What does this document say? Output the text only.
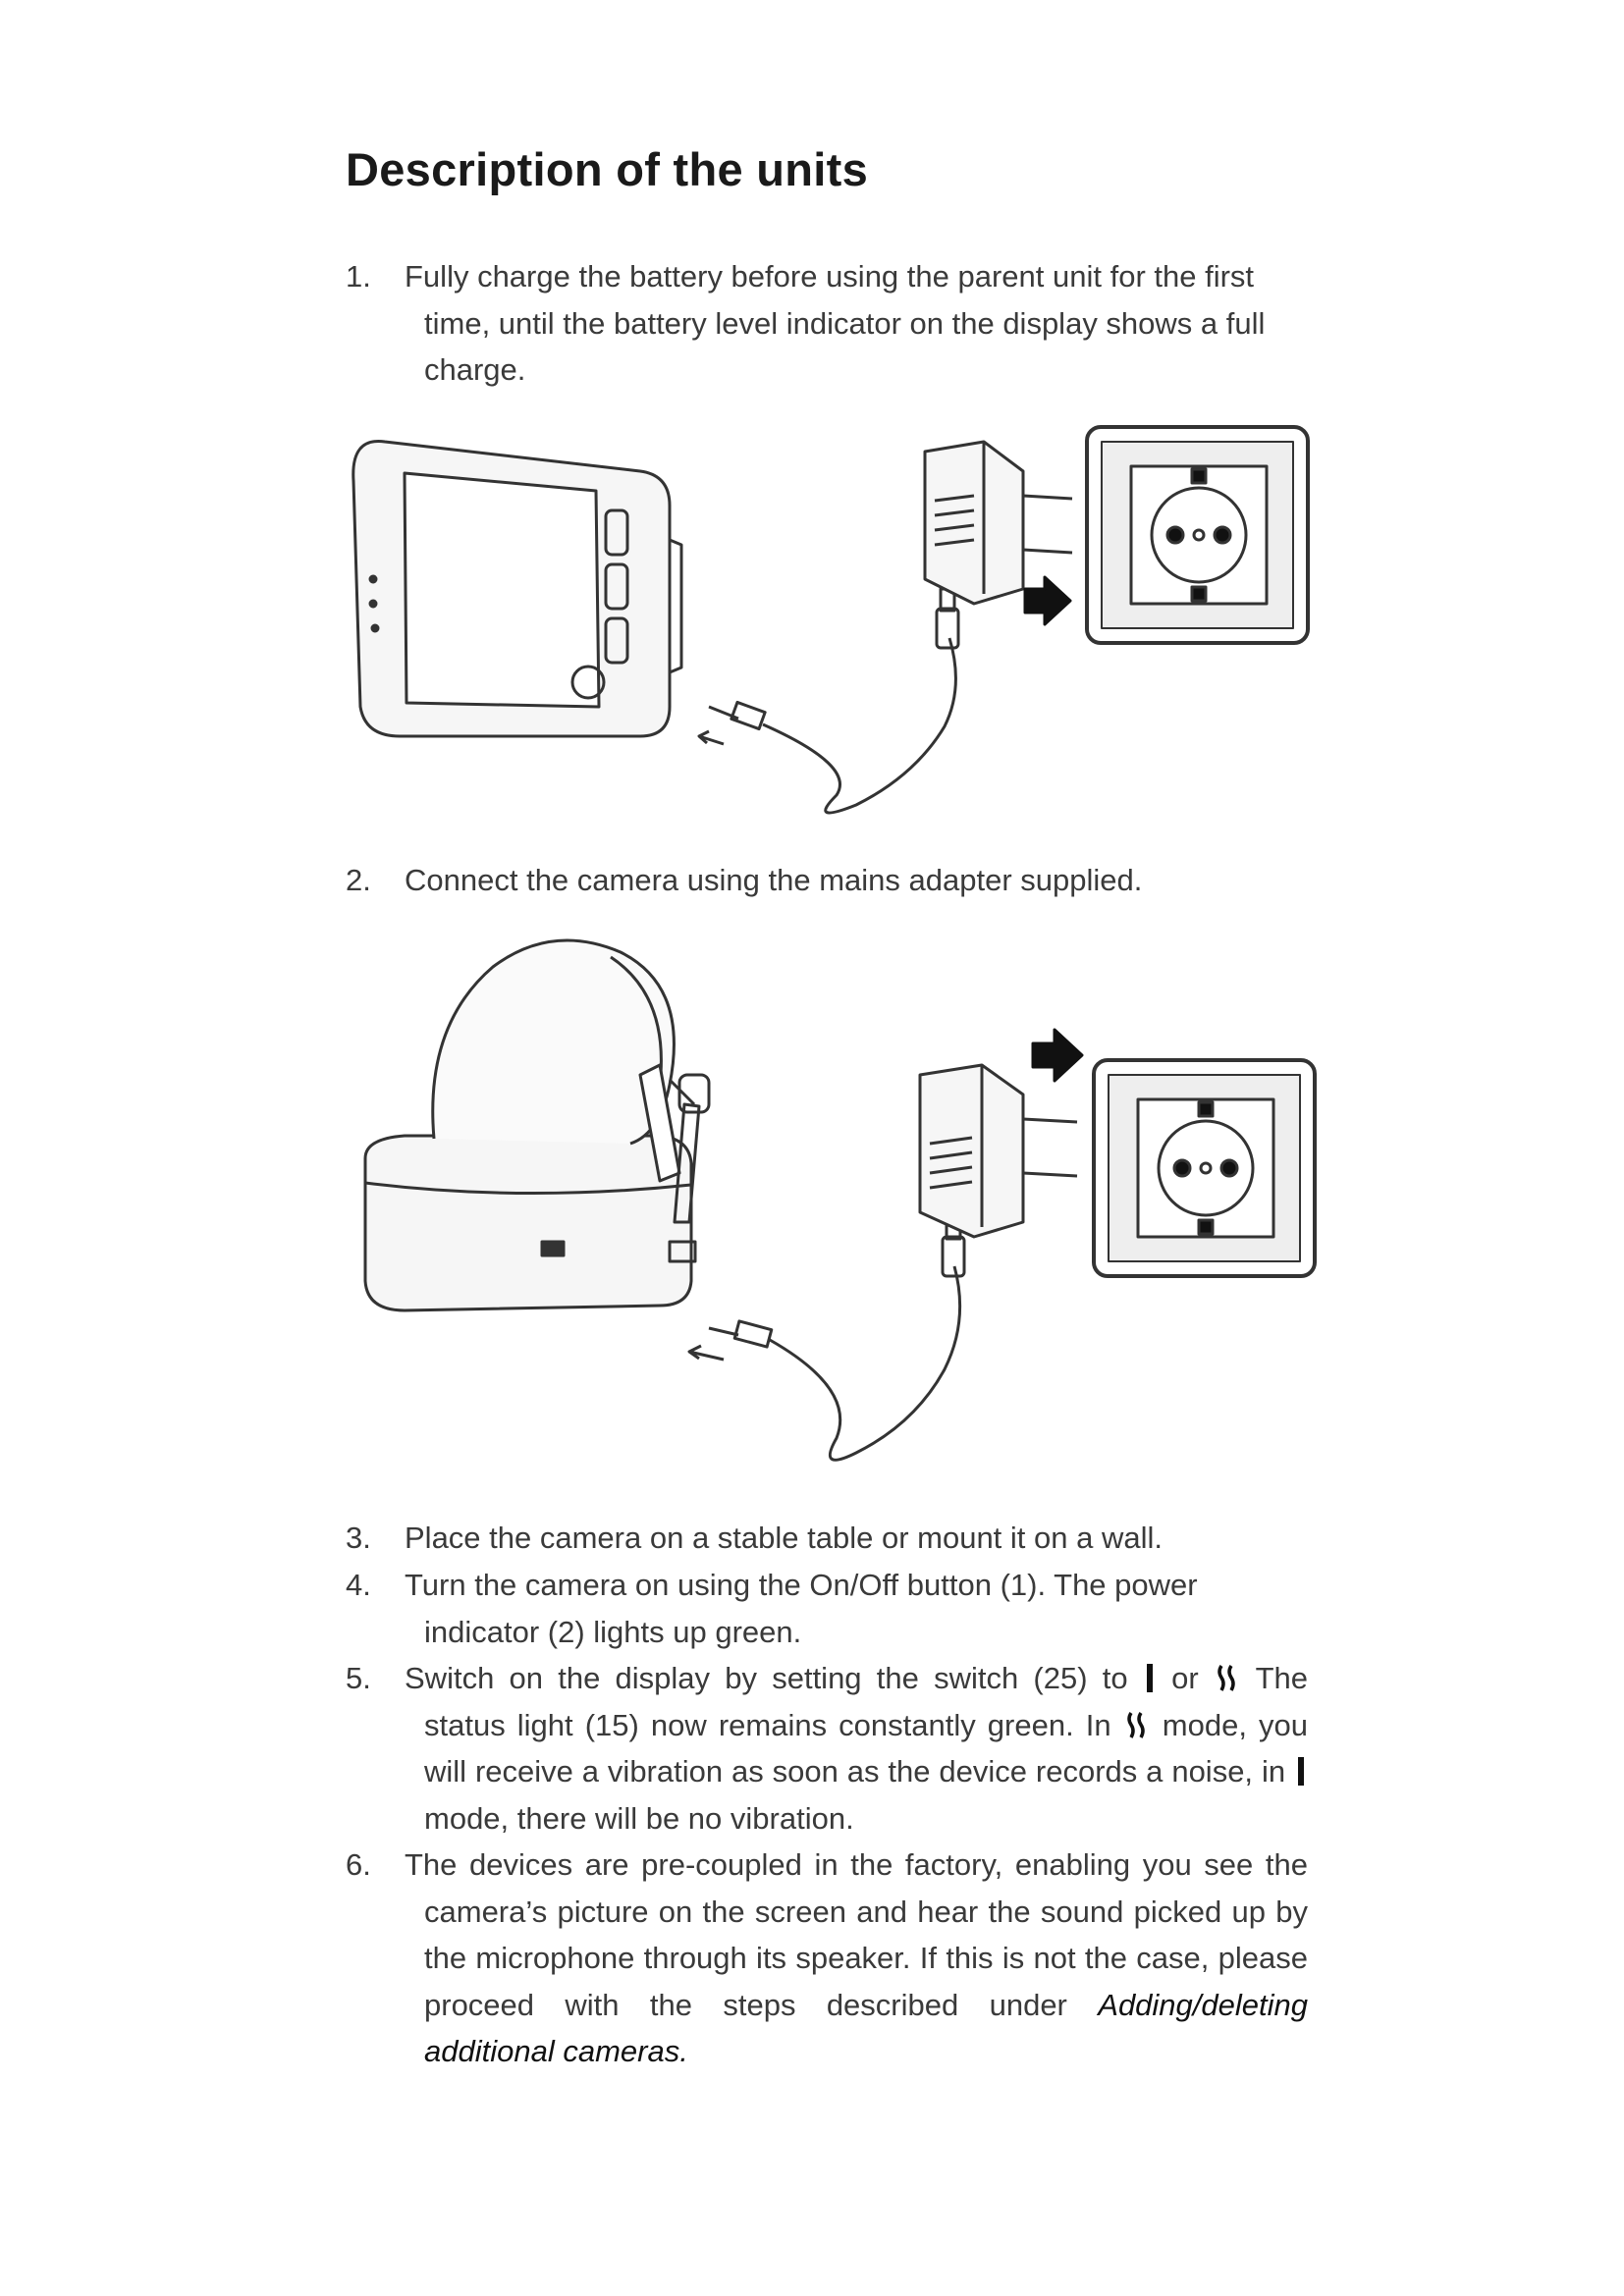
Description of the units
1.	Fully charge the battery before using the parent unit for the first time, until the battery level indicator on the display shows a full charge.
2.	Connect the camera using the mains adapter supplied.
3.	Place the camera on a stable table or mount it on a wall.
4.	Turn the camera on using the On/Off button (1). The power indicator (2) lights up green.
5.	Switch on the display by setting the switch (25) to or The status light (15) now remains constantly green. In mode, you will receive a vibration as soon as the device records a noise, in  mode, there will be no vibration.
6.	The devices are pre-coupled in the factory, enabling you see the camera’s picture on the screen and hear the sound picked up by the microphone through its speaker. If this is not the case, please proceed with the steps described under Adding/deleting additional cameras.
